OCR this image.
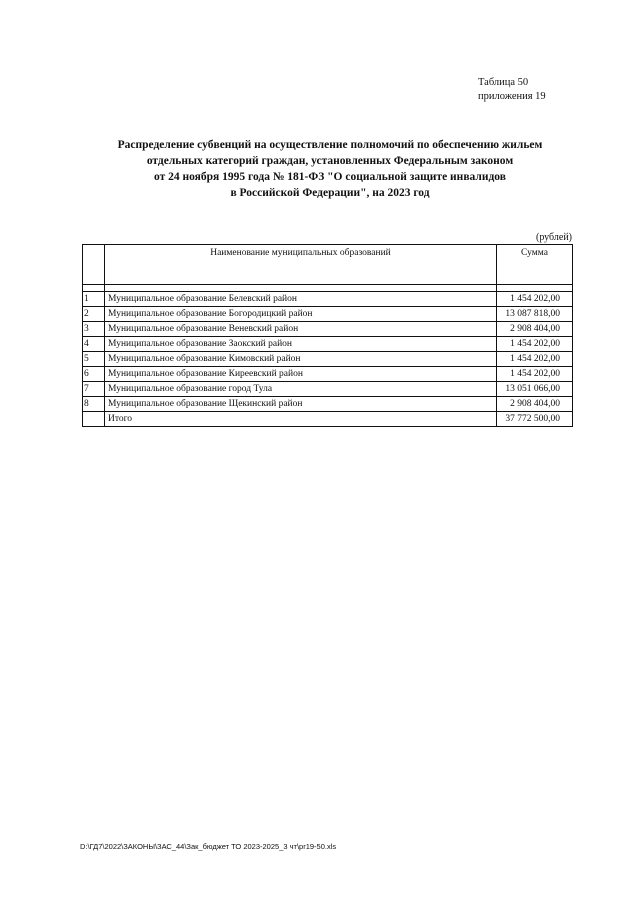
Таблица 50
приложения 19
Распределение субвенций на осуществление полномочий по обеспечению жильем
отдельных категорий граждан, установленных Федеральным законом
от 24 ноября 1995 года № 181-ФЗ "О социальной защите инвалидов
в Российской Федерации", на 2023 год
(рублей)
	Наименование муниципальных образований	Сумма

1	Муниципальное образование Белевский район	1 454 202,00
2	Муниципальное образование Богородицкий район	13 087 818,00
3	Муниципальное образование Веневский район	2 908 404,00
4	Муниципальное образование Заокский район	1 454 202,00
5	Муниципальное образование Кимовский район	1 454 202,00
6	Муниципальное образование Киреевский район	1 454 202,00
7	Муниципальное образование город Тула	13 051 066,00
8	Муниципальное образование Щекинский район	2 908 404,00
	Итого	37 772 500,00
D:\ГД7\2022\ЗАКОНЫ\ЗАС_44\Зак_бюджет ТО 2023-2025_3 чт\pr19-50.xls
